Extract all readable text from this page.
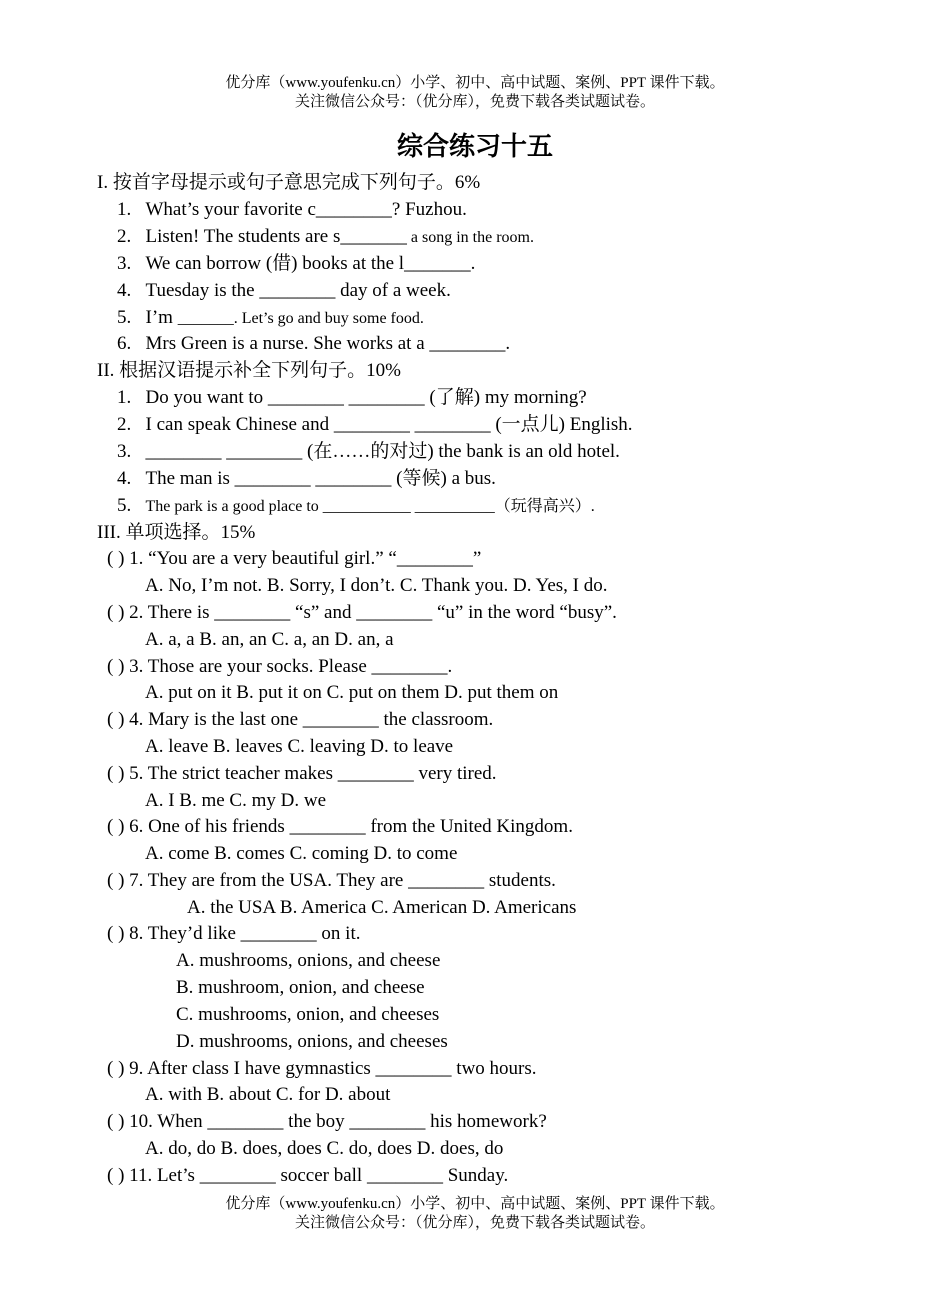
优分库（www.youfenku.cn）小学、初中、高中试题、案例、PPT 课件下载。
关注微信公众号：（优分库），免费下载各类试题试卷。
综合练习十五
I. 按首字母提示或句子意思完成下列句子。6%
1. What’s your favorite c________? Fuzhou.
2. Listen! The students are s_______ a song in the room.
3. We can borrow (借) books at the l_______.
4. Tuesday is the ________ day of a week.
5. I’m _______. Let’s go and buy some food.
6. Mrs Green is a nurse. She works at a ________.
II. 根据汉语提示补全下列句子。10%
1. Do you want to ________ ________ (了解) my morning?
2. I can speak Chinese and ________ ________ (一点儿) English.
3. ________ ________ (在……的对过) the bank is an old hotel.
4. The man is ________ ________ (等候) a bus.
5. The park is a good place to ___________ __________（玩得高兴）.
III. 单项选择。15%
( ) 1. “You are a very beautiful girl.” “________”
A. No, I’m not. B. Sorry, I don’t. C. Thank you. D. Yes, I do.
( ) 2. There is ________ “s” and ________ “u” in the word “busy”.
A. a, a B. an, an C. a, an D. an, a
( ) 3. Those are your socks. Please ________.
A. put on it B. put it on C. put on them D. put them on
( ) 4. Mary is the last one ________ the classroom.
A. leave B. leaves C. leaving D. to leave
( ) 5. The strict teacher makes ________ very tired.
A. I B. me C. my D. we
( ) 6. One of his friends ________ from the United Kingdom.
A. come B. comes C. coming D. to come
( ) 7. They are from the USA. They are ________ students.
A. the USA B. America C. American D. Americans
( ) 8. They’d like ________ on it.
A. mushrooms, onions, and cheese
B. mushroom, onion, and cheese
C. mushrooms, onion, and cheeses
D. mushrooms, onions, and cheeses
( ) 9. After class I have gymnastics ________ two hours.
A. with B. about C. for D. about
( ) 10. When ________ the boy ________ his homework?
A. do, do B. does, does C. do, does D. does, do
( ) 11. Let’s ________ soccer ball ________ Sunday.
优分库（www.youfenku.cn）小学、初中、高中试题、案例、PPT 课件下载。
关注微信公众号：（优分库），免费下载各类试题试卷。
